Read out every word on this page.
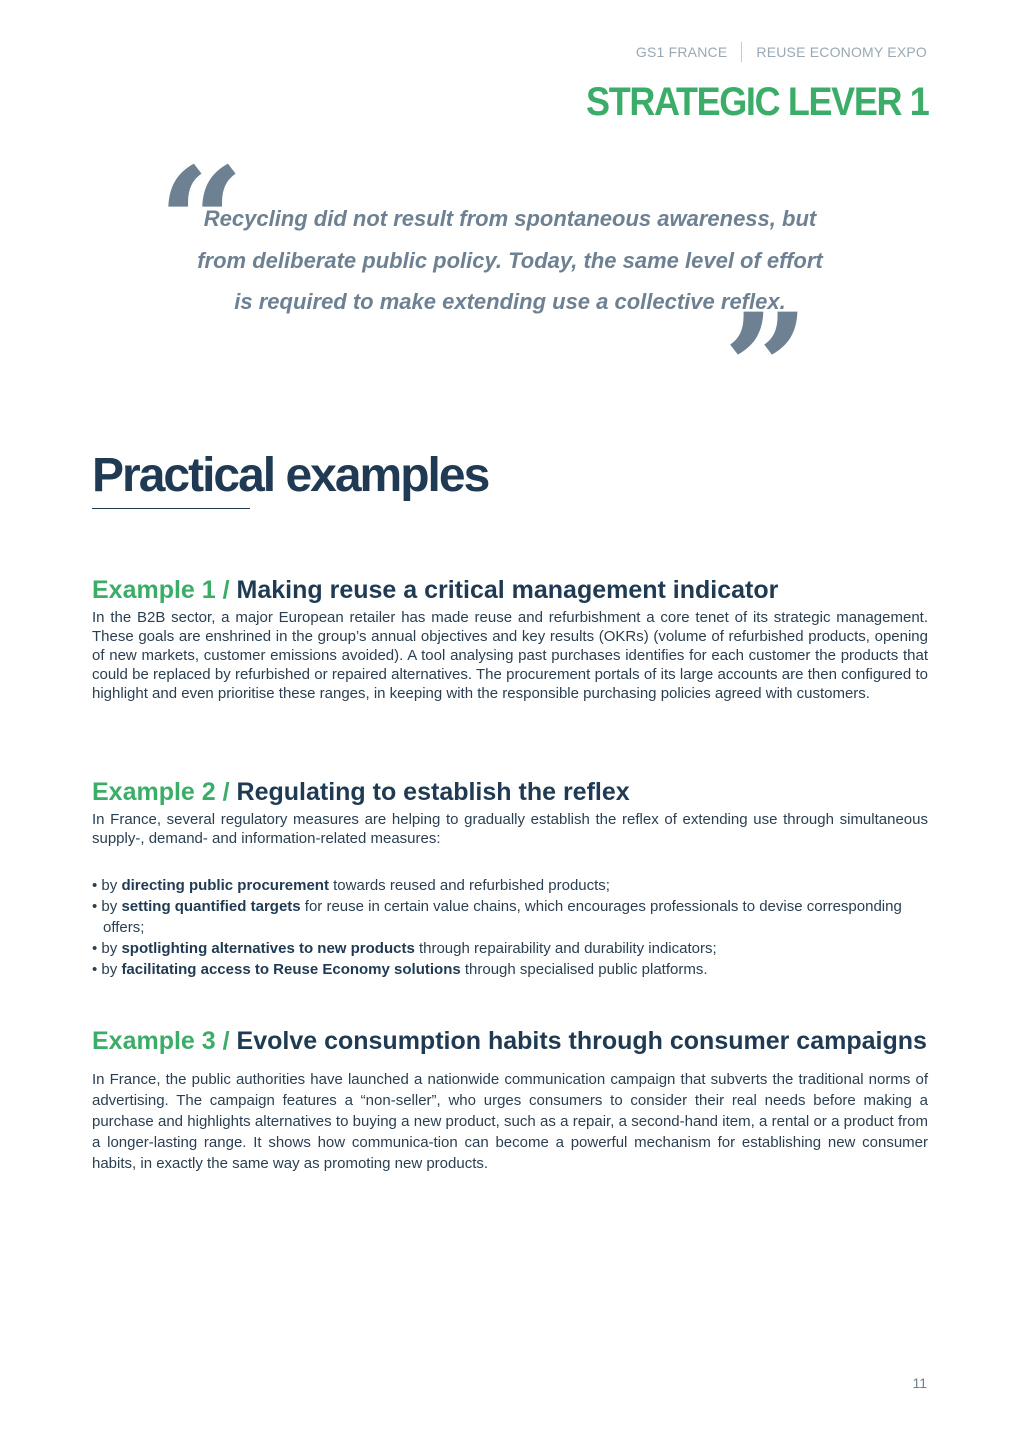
GS1 FRANCE REUSE ECONOMY EXPO
STRATEGIC LEVER 1
“
Recycling did not result from spontaneous awareness, but from deliberate public policy. Today, the same level of effort is required to make extending use a collective reflex.
”
Practical examples
Example 1 / Making reuse a critical management indicator

In the B2B sector, a major European retailer has made reuse and refurbishment a core tenet of its strategic management. These goals are enshrined in the group’s annual objectives and key results (OKRs) (volume of refurbished products, opening of new markets, customer emissions avoided). A tool analysing past purchases identifies for each customer the products that could be replaced by refurbished or repaired alternatives. The procurement portals of its large accounts are then configured to highlight and even prioritise these ranges, in keeping with the responsible purchasing policies agreed with customers.

Example 2 / Regulating to establish the reflex

In France, several regulatory measures are helping to gradually establish the reflex of extending use through simultaneous supply-, demand- and information-related measures:

• by directing public procurement towards reused and refurbished products;
• by setting quantified targets for reuse in certain value chains, which encourages professionals to devise corresponding offers;
• by spotlighting alternatives to new products through repairability and durability indicators;
• by facilitating access to Reuse Economy solutions through specialised public platforms.
Example 3 / Evolve consumption habits through consumer campaigns

In France, the public authorities have launched a nationwide communication campaign that subverts the traditional norms of advertising. The campaign features a “non-seller”, who urges consumers to consider their real needs before making a purchase and highlights alternatives to buying a new product, such as a repair, a second-hand item, a rental or a product from a longer-lasting range. It shows how communica-tion can become a powerful mechanism for establishing new consumer habits, in exactly the same way as promoting new products.

11
